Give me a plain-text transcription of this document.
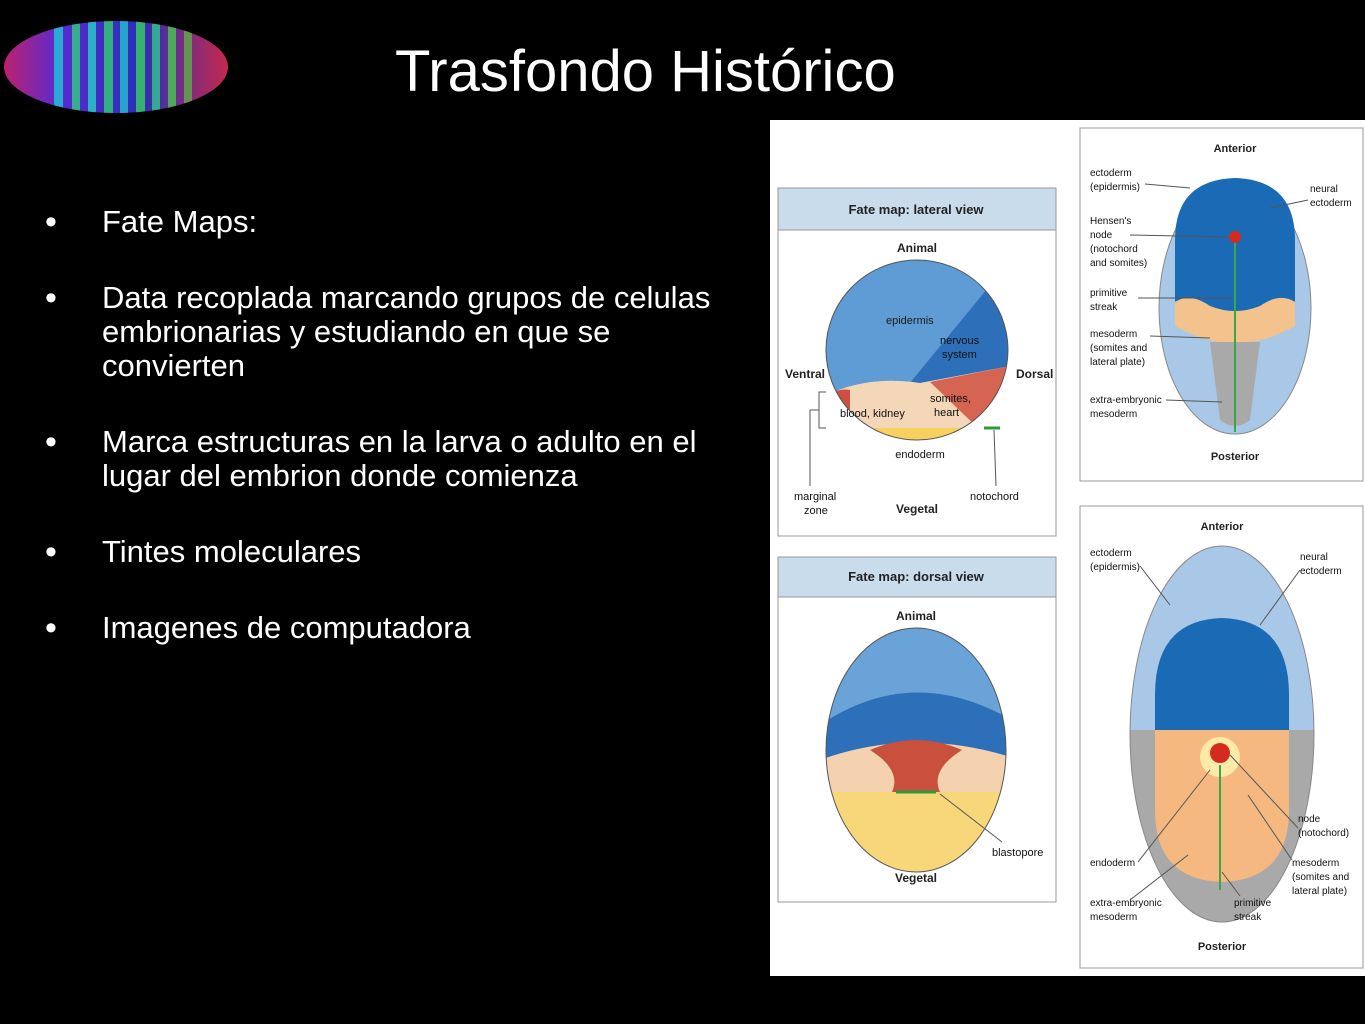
Trasfondo Histórico
• Fate Maps:
• Data recoplada marcando grupos de celulas embrionarias y estudiando en que se convierten
• Marca estructuras en la larva o adulto en el lugar del embrion donde comienza
• Tintes moleculares
• Imagenes de computadora
Fate map: lateral view
Animal
epidermis
nervous
system
somites,
heart
blood, kidney
endoderm
Vegetal
Ventral	Dorsal
marginal
zone
notochord
Fate map: dorsal view
Animal
blastopore
Vegetal
Anterior
Posterior
ectoderm
(epidermis)
Hensen's
node
(notochord
and somites)
primitive
streak
mesoderm
(somites and
lateral plate)
extra-embryonic
mesoderm
neural
ectoderm
Anterior
Posterior
ectoderm
(epidermis)
neural
ectoderm
node
(notochord)
endoderm	mesoderm
(somites and
lateral plate)
extra-embryonic
mesoderm
primitive
streak
